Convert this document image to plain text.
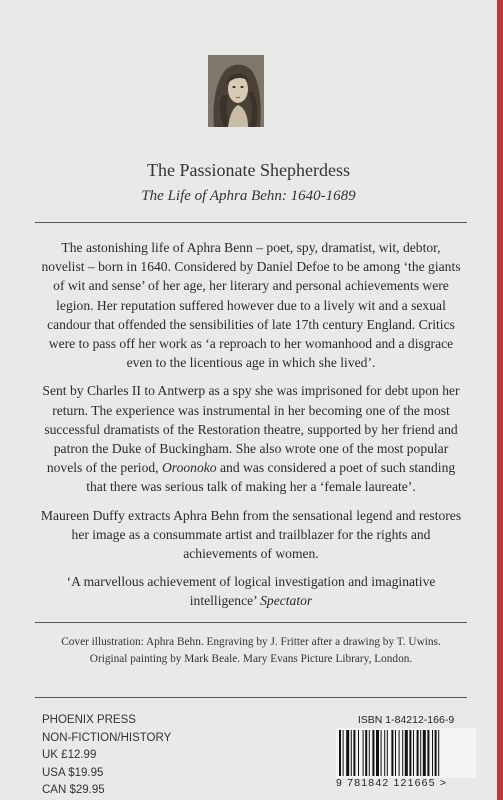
The Passionate Shepherdess
The Life of Aphra Behn: 1640-1689

The astonishing life of Aphra Benn – poet, spy, dramatist, wit, debtor, novelist – born in 1640. Considered by Daniel Defoe to be among ‘the giants of wit and sense’ of her age, her literary and personal achievements were legion. Her reputation suffered however due to a lively wit and a sexual candour that offended the sensibilities of late 17th century England. Critics were to pass off her work as ‘a reproach to her womanhood and a disgrace even to the licentious age in which she lived’.

Sent by Charles II to Antwerp as a spy she was imprisoned for debt upon her return. The experience was instrumental in her becoming one of the most successful dramatists of the Restoration theatre, supported by her friend and patron the Duke of Buckingham. She also wrote one of the most popular novels of the period, Oroonoko and was considered a poet of such standing that there was serious talk of making her a ‘female laureate’.

Maureen Duffy extracts Aphra Behn from the sensational legend and restores her image as a consummate artist and trailblazer for the rights and achievements of women.

‘A marvellous achievement of logical investigation and imaginative intelligence’ Spectator

Cover illustration: Aphra Behn. Engraving by J. Fritter after a drawing by T. Uwins. Original painting by Mark Beale. Mary Evans Picture Library, London.
PHOENIX PRESS
NON-FICTION/HISTORY
UK £12.99
USA $19.95
CAN $29.95
ISBN 1-84212-166-9
9 781842 121665 >
